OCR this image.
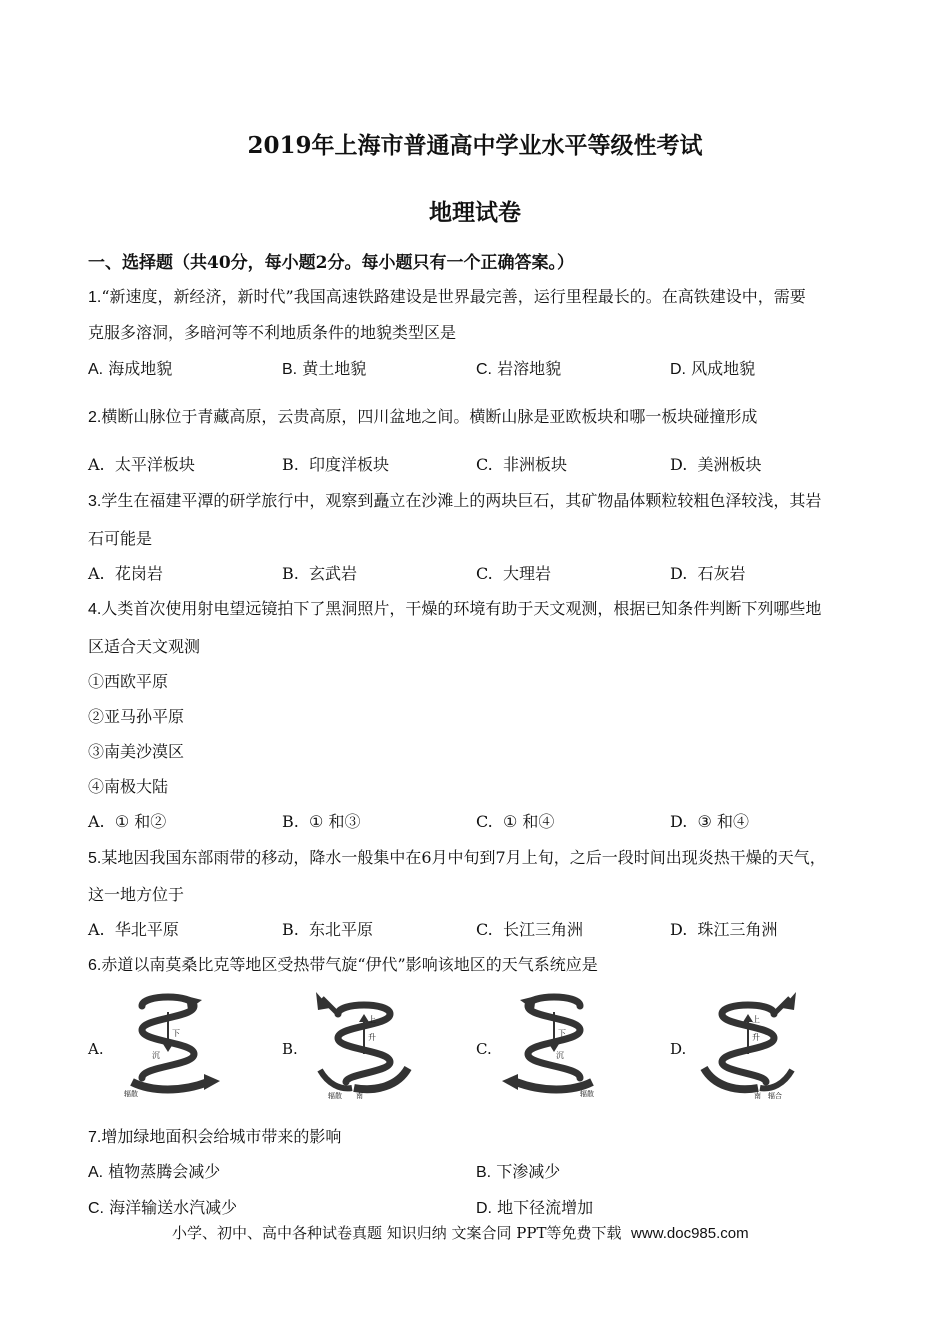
2019年上海市普通高中学业水平等级性考试
地理试卷
一、选择题（共40分，每小题2分。每小题只有一个正确答案。）
1.“新速度，新经济，新时代”我国高速铁路建设是世界最完善，运行里程最长的。在高铁建设中，需要
克服多溶洞，多暗河等不利地质条件的地貌类型区是
A. 海成地貌	B. 黄土地貌	C. 岩溶地貌	D. 风成地貌
2.横断山脉位于青藏高原，云贵高原，四川盆地之间。横断山脉是亚欧板块和哪一板块碰撞形成
A. 太平洋板块	B. 印度洋板块	C. 非洲板块	D. 美洲板块
3.学生在福建平潭的研学旅行中，观察到矗立在沙滩上的两块巨石，其矿物晶体颗粒较粗色泽较浅，其岩
石可能是
A. 花岗岩	B. 玄武岩	C. 大理岩	D. 石灰岩
4.人类首次使用射电望远镜拍下了黑洞照片，干燥的环境有助于天文观测，根据已知条件判断下列哪些地
区适合天文观测
①西欧平原
②亚马孙平原
③南美沙漠区
④南极大陆
A. ① 和②	B. ① 和③	C. ① 和④	D. ③ 和④
5.某地因我国东部雨带的移动，降水一般集中在6月中旬到7月上旬，之后一段时间出现炎热干燥的天气，
这一地方位于
A. 华北平原	B. 东北平原	C. 长江三角洲	D. 珠江三角洲
6.赤道以南莫桑比克等地区受热带气旋“伊代”影响该地区的天气系统应是
A.
下
沉
辐散
B.
上
升
辐散 南
C.
下
沉
辐散
D.
上
升
南 辐合
7.增加绿地面积会给城市带来的影响
A. 植物蒸腾会减少	B. 下渗减少
C. 海洋输送水汽减少	D. 地下径流增加
小学、初中、高中各种试卷真题 知识归纳 文案合同 PPT等免费下载 www.doc985.com
